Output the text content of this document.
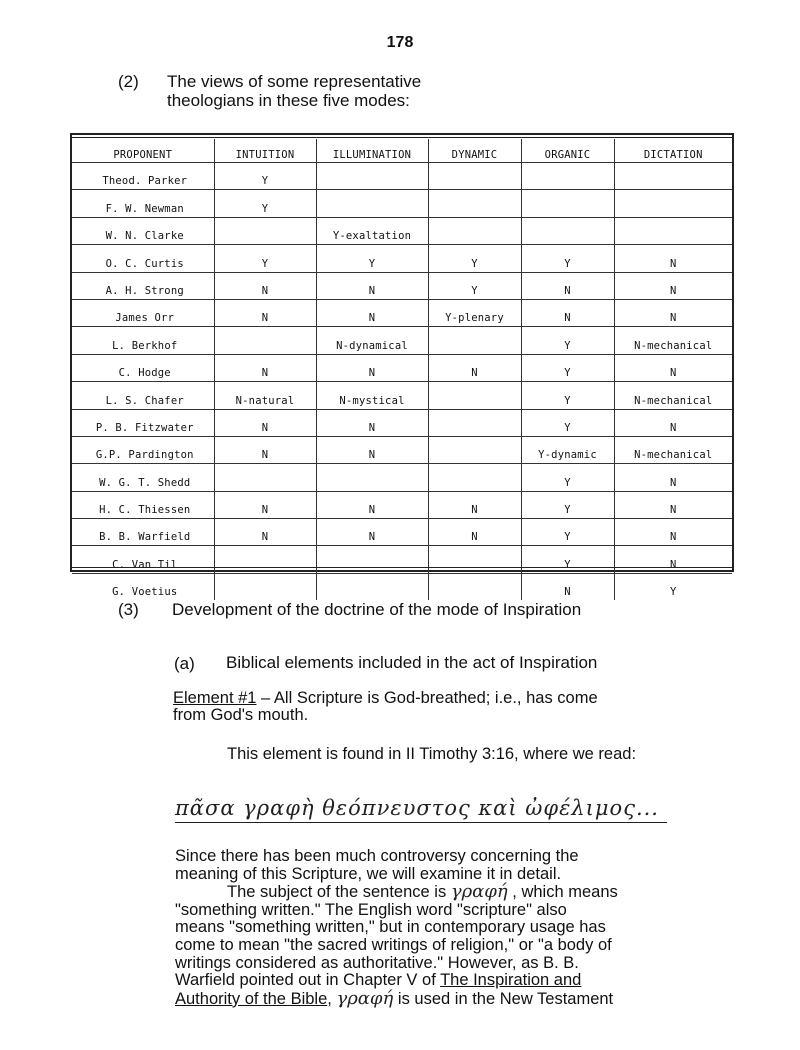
178
(2) The views of some representative
theologians in these five modes:
PROPONENT	INTUITION	ILLUMINATION	DYNAMIC	ORGANIC	DICTATION
Theod. Parker	Y				
F. W. Newman	Y				
W. N. Clarke		Y-exaltation			
O. C. Curtis	Y	Y	Y	Y	N
A. H. Strong	N	N	Y	N	N
James Orr	N	N	Y-plenary	N	N
L. Berkhof		N-dynamical		Y	N-mechanical
C. Hodge	N	N	N	Y	N
L. S. Chafer	N-natural	N-mystical		Y	N-mechanical
P. B. Fitzwater	N	N		Y	N
G.P. Pardington	N	N		Y-dynamic	N-mechanical
W. G. T. Shedd				Y	N
H. C. Thiessen	N	N	N	Y	N
B. B. Warfield	N	N	N	Y	N
C. Van Til				Y	N
G. Voetius				N	Y
(3) Development of the doctrine of the mode of Inspiration
(a) Biblical elements included in the act of Inspiration
Element #1 – All Scripture is God-breathed; i.e., has come
from God's mouth.
This element is found in II Timothy 3:16, where we read:
πᾶσα γραφὴ θεόπνευστος καὶ ὠφέλιμος...
Since there has been much controversy concerning the
meaning of this Scripture, we will examine it in detail.
The subject of the sentence is γραφή , which means
"something written." The English word "scripture" also
means "something written," but in contemporary usage has
come to mean "the sacred writings of religion," or "a body of
writings considered as authoritative." However, as B. B.
Warfield pointed out in Chapter V of The Inspiration and
Authority of the Bible, γραφή is used in the New Testament
